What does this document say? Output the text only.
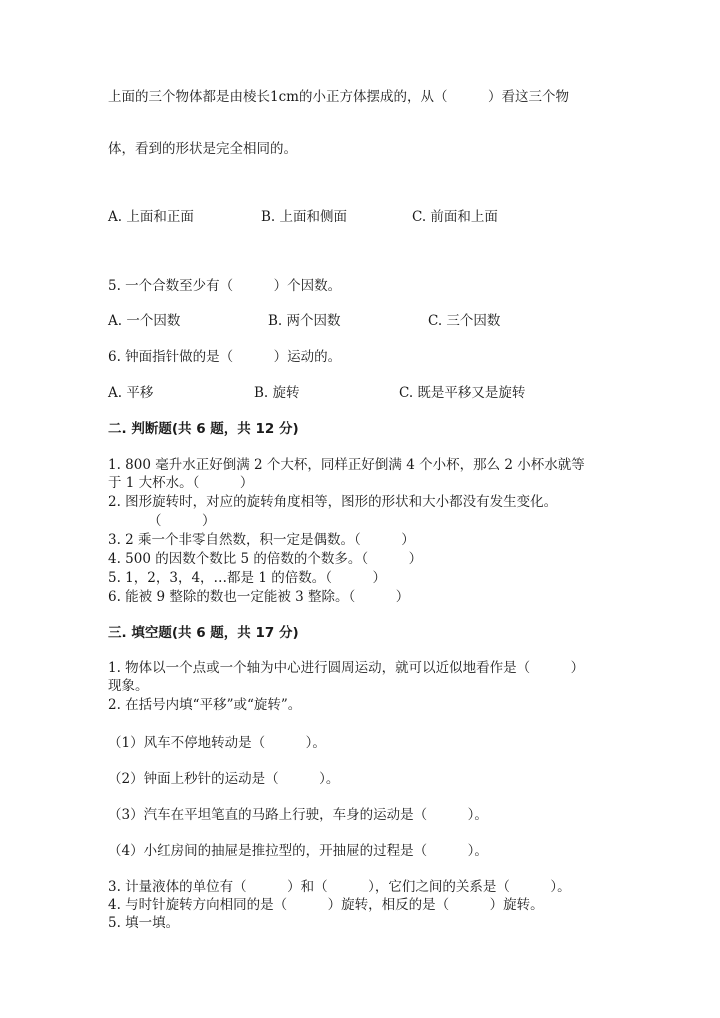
上面的三个物体都是由棱长1cm的小正方体摆成的，从（　　　）看这三个物
体，看到的形状是完全相同的。
A. 上面和正面	B. 上面和侧面	C. 前面和上面
5. 一个合数至少有（　　　）个因数。
A. 一个因数	B. 两个因数	C. 三个因数
6. 钟面指针做的是（　　　）运动的。
A. 平移	B. 旋转	C. 既是平移又是旋转
二. 判断题(共 6 题，共 12 分)
1. 800 毫升水正好倒满 2 个大杯，同样正好倒满 4 个小杯，那么 2 小杯水就等
于 1 大杯水。（　　　）
2. 图形旋转时，对应的旋转角度相等，图形的形状和大小都没有发生变化。
（　　　）
3. 2 乘一个非零自然数，积一定是偶数。（　　　）
4. 500 的因数个数比 5 的倍数的个数多。（　　　）
5. 1，2，3，4，…都是 1 的倍数。（　　　）
6. 能被 9 整除的数也一定能被 3 整除。（　　　）
三. 填空题(共 6 题，共 17 分)
1. 物体以一个点或一个轴为中心进行圆周运动，就可以近似地看作是（　　　）
现象。
2. 在括号内填“平移”或“旋转”。
（1）风车不停地转动是（　　　）。
（2）钟面上秒针的运动是（　　　）。
（3）汽车在平坦笔直的马路上行驶，车身的运动是（　　　）。
（4）小红房间的抽屉是推拉型的，开抽屉的过程是（　　　）。
3. 计量液体的单位有（　　　）和（　　　），它们之间的关系是（　　　）。
4. 与时针旋转方向相同的是（　　　）旋转，相反的是（　　　）旋转。
5. 填一填。
